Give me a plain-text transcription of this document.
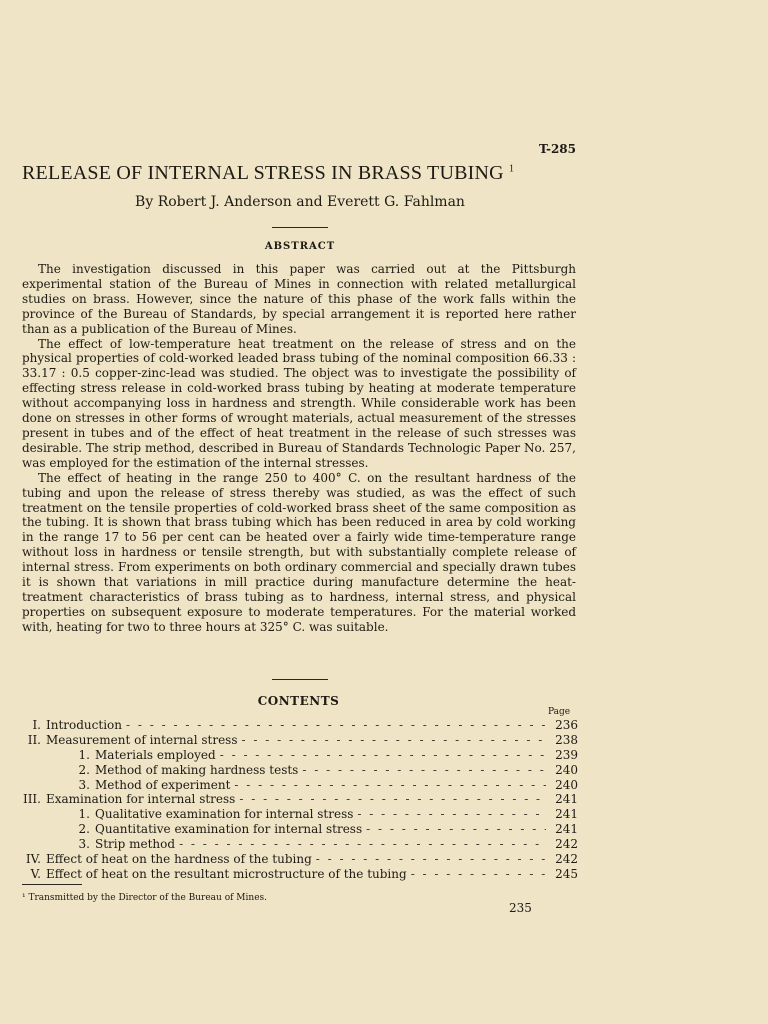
T-285
RELEASE OF INTERNAL STRESS IN BRASS TUBING $^1$
By Robert J. Anderson and Everett G. Fahlman
ABSTRACT

The investigation discussed in this paper was carried out at the Pittsburgh experimental station of the Bureau of Mines in connection with related metallurgical studies on brass. However, since the nature of this phase of the work falls within the province of the Bureau of Standards, by special arrangement it is reported here rather than as a publication of the Bureau of Mines.

The effect of low-temperature heat treatment on the release of stress and on the physical properties of cold-worked leaded brass tubing of the nominal composition 66.33 : 33.17 : 0.5 copper-zinc-lead was studied. The object was to investigate the possibility of effecting stress release in cold-worked brass tubing by heating at moderate temperature without accompanying loss in hardness and strength. While considerable work has been done on stresses in other forms of wrought materials, actual measurement of the stresses present in tubes and of the effect of heat treatment in the release of such stresses was desirable. The strip method, described in Bureau of Standards Technologic Paper No. 257, was employed for the estimation of the internal stresses.

The effect of heating in the range 250 to 400° C. on the resultant hardness of the tubing and upon the release of stress thereby was studied, as was the effect of such treatment on the tensile properties of cold-worked brass sheet of the same composition as the tubing. It is shown that brass tubing which has been reduced in area by cold working in the range 17 to 56 per cent can be heated over a fairly wide time-temperature range without loss in hardness or tensile strength, but with substantially complete release of internal stress. From experiments on both ordinary commercial and specially drawn tubes it is shown that variations in mill practice during manufacture determine the heat-treatment characteristics of brass tubing as to hardness, internal stress, and physical properties on subsequent exposure to moderate temperatures. For the material worked with, heating for two to three hours at 325° C. was suitable.

CONTENTS
Page
I. Introduction - - -	236
II. Measurement of internal stress - - -	238
1. Materials employed - - -	239
2. Method of making hardness tests - - -	240
3. Method of experiment - - -	240
III. Examination for internal stress - - -	241
1. Qualitative examination for internal stress - - -	241
2. Quantitative examination for internal stress - - -	241
3. Strip method - - -	242
IV. Effect of heat on the hardness of the tubing - - -	242
V. Effect of heat on the resultant microstructure of the tubing - - -	245
¹ Transmitted by the Director of the Bureau of Mines.
235
